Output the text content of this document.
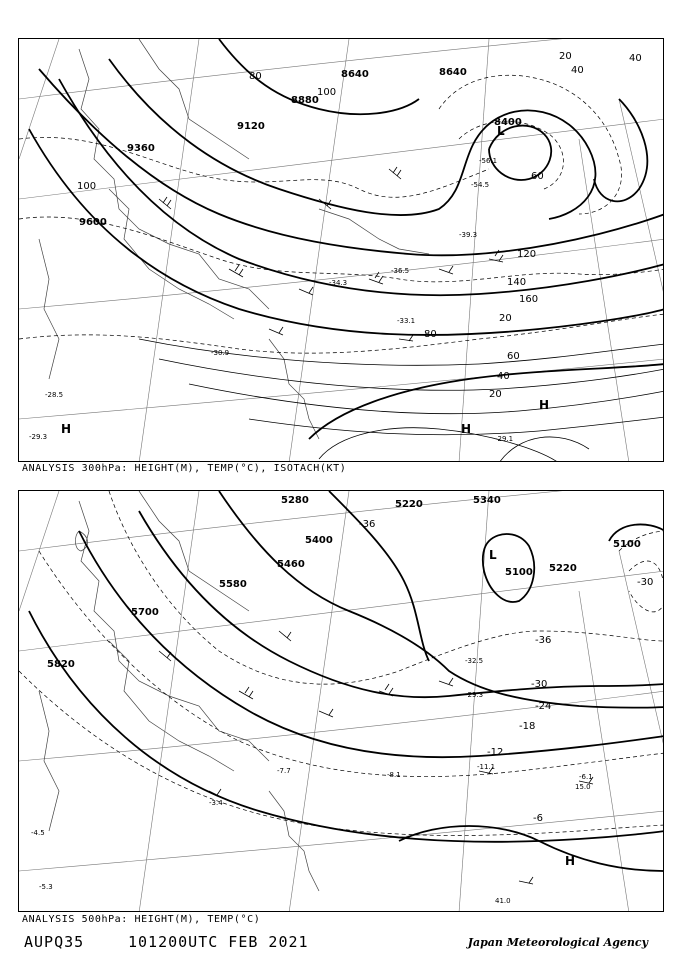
8640	8640
8880
8400
9120
9360
9600
20
40
60
80
100
120
140
160
20
40
60
80
100
40
20
L
H
H
H
-54.5
-56.1
-39.3
-36.5
-34.3
-33.1
-30.9
-29.3
-28.5
-29.1
ANALYSIS 300hPa: HEIGHT(M), TEMP(°C), ISOTACH(KT)
5280
5400
5340
5220
5100
5100
5220
5460
5580
5700
5820
-36
-36
-30
-24
-18
-12
-6
-30
L
H
-32.5
-29.3
-11.1
-8.1	-6.1
-7.7
-3.4
-4.5
-5.3
41.0
15.0
ANALYSIS 500hPa: HEIGHT(M), TEMP(°C)
AUPQ35	101200UTC FEB 2021	Japan Meteorological Agency
